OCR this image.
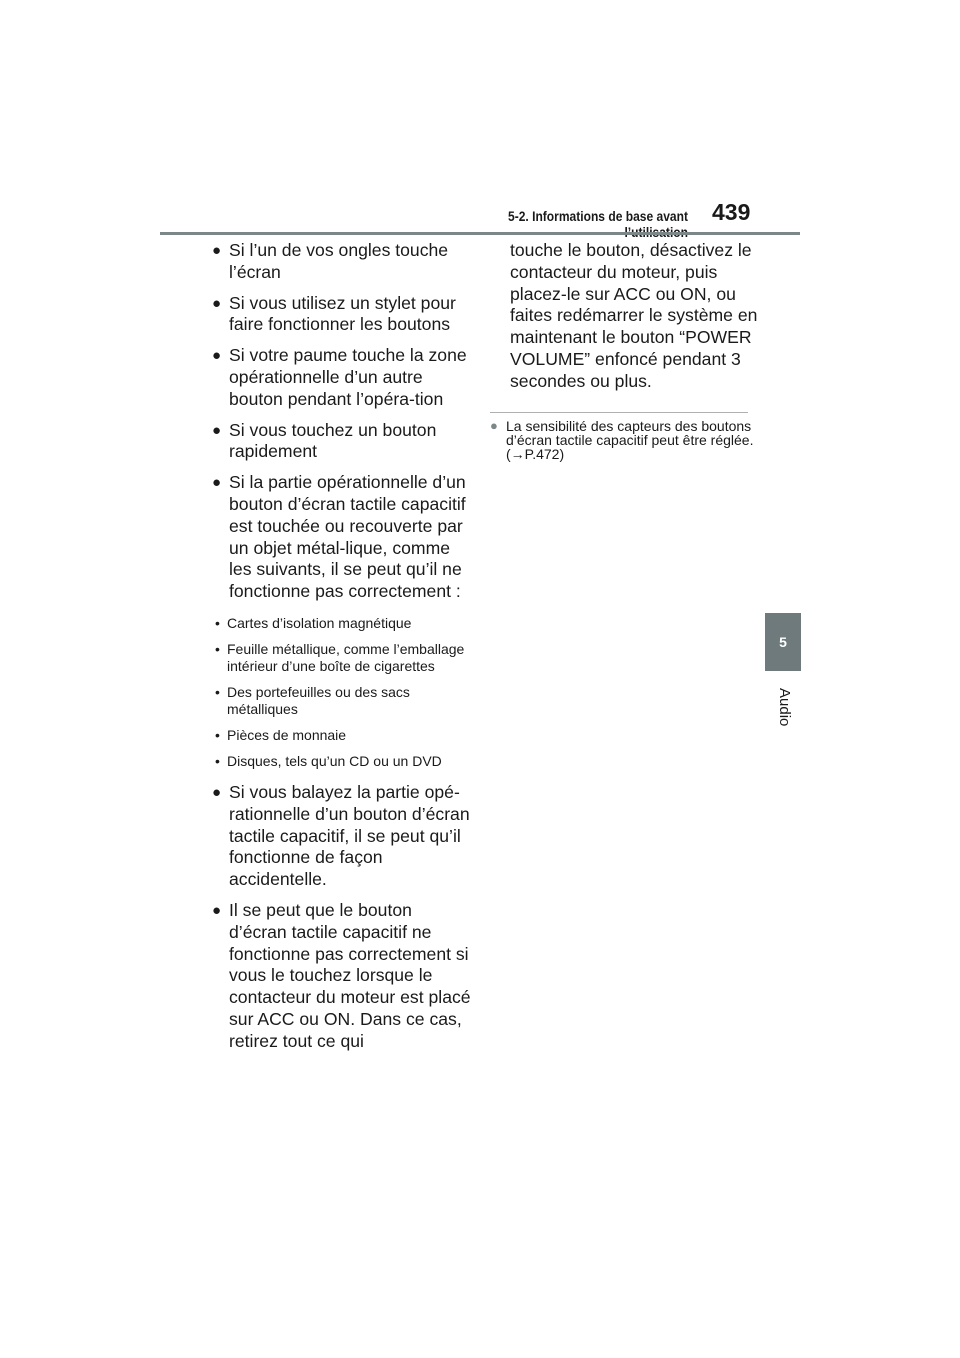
5-2. Informations de base avant 439
5
Audio
● Si l’un de vos ongles touche l’écran
● Si vous utilisez un stylet pour faire fonctionner les boutons
● Si votre paume touche la zone opérationnelle d’un autre bouton pendant l’opéra-tion
● Si vous touchez un bouton rapidement
● Si la partie opérationnelle d’un bouton d’écran tactile capacitif est touchée ou recouverte par un objet métal-lique, comme les suivants, il se peut qu’il ne fonctionne pas correctement :
• Cartes d’isolation magnétique
• Feuille métallique, comme l’emballage intérieur d’une boîte de cigarettes
• Des portefeuilles ou des sacs métalliques
• Pièces de monnaie
• Disques, tels qu’un CD ou un DVD
● Si vous balayez la partie opé-rationnelle d’un bouton d’écran tactile capacitif, il se peut qu’il fonctionne de façon accidentelle.
● Il se peut que le bouton d’écran tactile capacitif ne fonctionne pas correctement si vous le touchez lorsque le contacteur du moteur est placé sur ACC ou ON. Dans ce cas, retirez tout ce qui
touche le bouton, désactivez le contacteur du moteur, puis placez-le sur ACC ou ON, ou faites redémarrer le système en maintenant le bouton “POWER VOLUME” enfoncé pendant 3 secondes ou plus.
● La sensibilité des capteurs des boutons d’écran tactile capacitif peut être réglée. (→P.472)
